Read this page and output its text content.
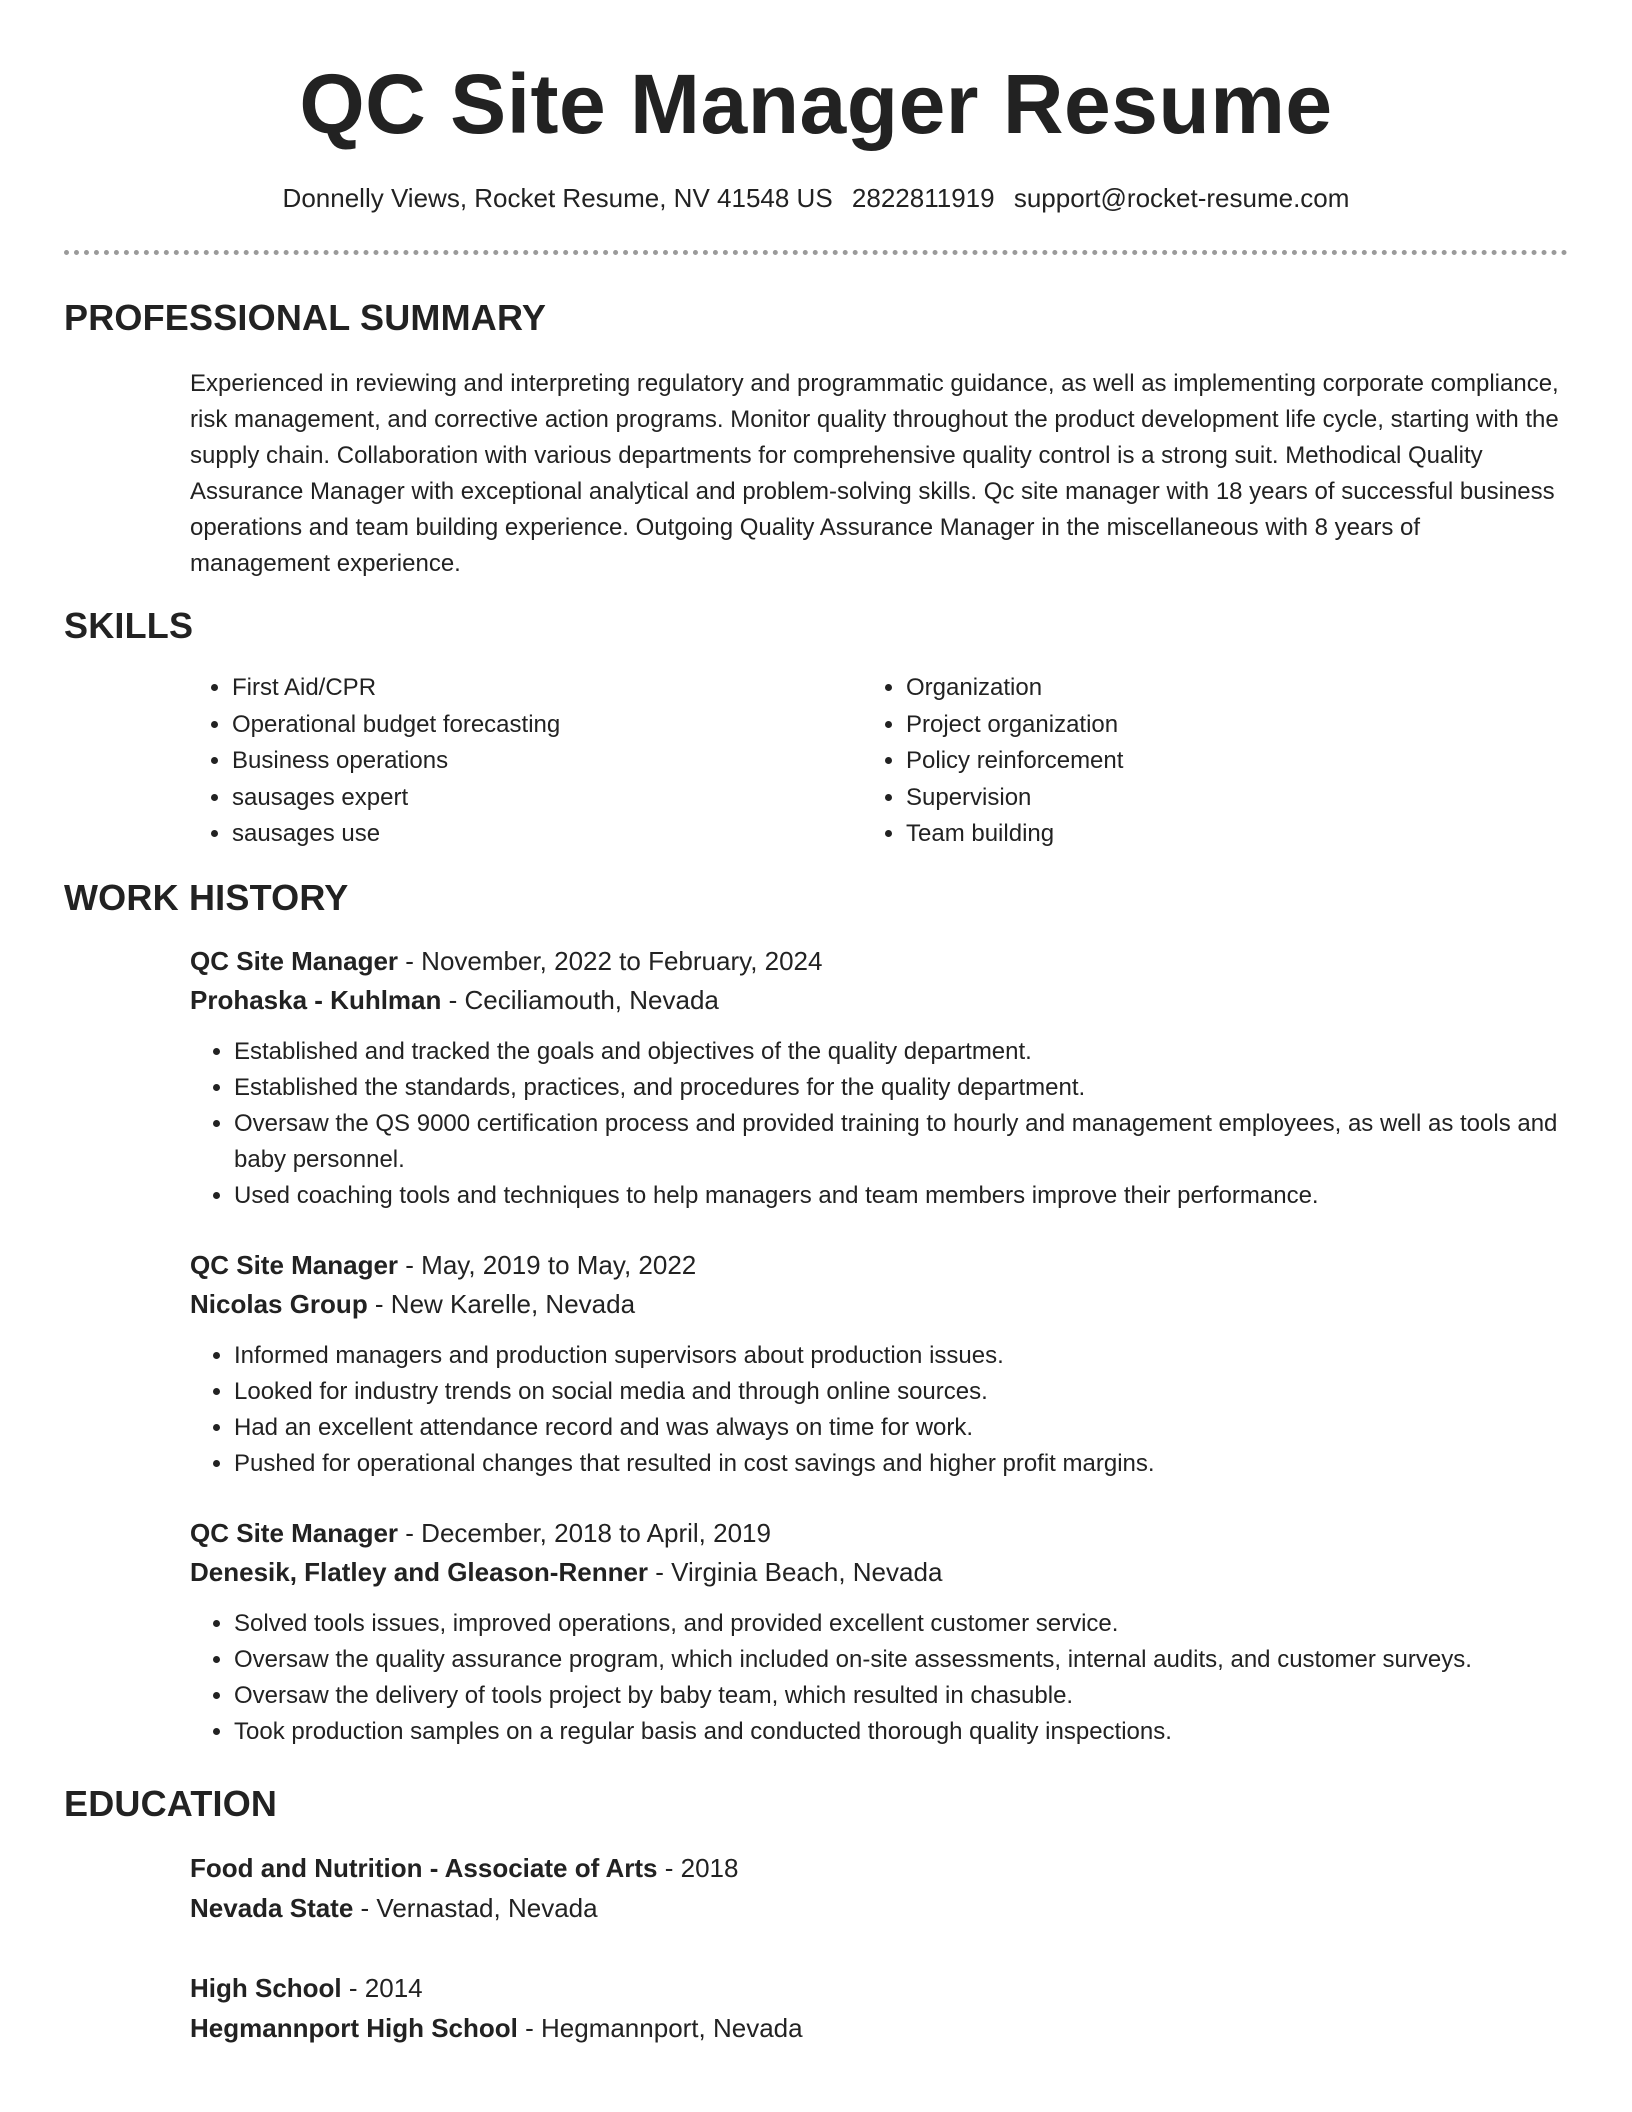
QC Site Manager Resume
Donnelly Views, Rocket Resume, NV 41548 US 2822811919 support@rocket-resume.com
PROFESSIONAL SUMMARY

Experienced in reviewing and interpreting regulatory and programmatic guidance, as well as implementing corporate compliance, risk management, and corrective action programs. Monitor quality throughout the product development life cycle, starting with the supply chain. Collaboration with various departments for comprehensive quality control is a strong suit. Methodical Quality Assurance Manager with exceptional analytical and problem-solving skills. Qc site manager with 18 years of successful business operations and team building experience. Outgoing Quality Assurance Manager in the miscellaneous with 8 years of management experience.

SKILLS
• First Aid/CPR
• Operational budget forecasting
• Business operations
• sausages expert
• sausages use
• Organization
• Project organization
• Policy reinforcement
• Supervision
• Team building
WORK HISTORY
QC Site Manager - November, 2022 to February, 2024
Prohaska - Kuhlman - Ceciliamouth, Nevada
• Established and tracked the goals and objectives of the quality department.
• Established the standards, practices, and procedures for the quality department.
• Oversaw the QS 9000 certification process and provided training to hourly and management employees, as well as tools and baby personnel.
• Used coaching tools and techniques to help managers and team members improve their performance.
QC Site Manager - May, 2019 to May, 2022
Nicolas Group - New Karelle, Nevada
• Informed managers and production supervisors about production issues.
• Looked for industry trends on social media and through online sources.
• Had an excellent attendance record and was always on time for work.
• Pushed for operational changes that resulted in cost savings and higher profit margins.
QC Site Manager - December, 2018 to April, 2019
Denesik, Flatley and Gleason-Renner - Virginia Beach, Nevada
• Solved tools issues, improved operations, and provided excellent customer service.
• Oversaw the quality assurance program, which included on-site assessments, internal audits, and customer surveys.
• Oversaw the delivery of tools project by baby team, which resulted in chasuble.
• Took production samples on a regular basis and conducted thorough quality inspections.
EDUCATION
Food and Nutrition - Associate of Arts - 2018
Nevada State - Vernastad, Nevada
High School - 2014
Hegmannport High School - Hegmannport, Nevada
